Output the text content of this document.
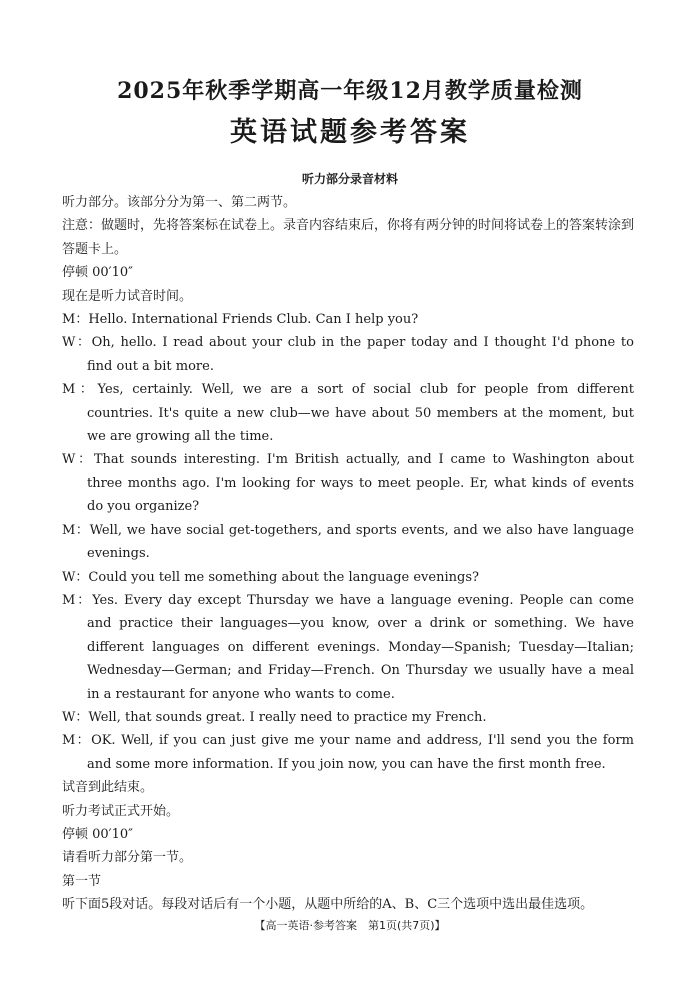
2025年秋季学期高一年级12月教学质量检测
英语试题参考答案
听力部分录音材料
听力部分。该部分分为第一、第二两节。
注意：做题时，先将答案标在试卷上。录音内容结束后，你将有两分钟的时间将试卷上的答案转涂到答题卡上。
停顿 00′10″
现在是听力试音时间。
M：Hello. International Friends Club. Can I help you?
W：Oh, hello. I read about your club in the paper today and I thought I'd phone to find out a bit more.
M：Yes, certainly. Well, we are a sort of social club for people from different countries. It's quite a new club—we have about 50 members at the moment, but we are growing all the time.
W：That sounds interesting. I'm British actually, and I came to Washington about three months ago. I'm looking for ways to meet people. Er, what kinds of events do you organize?
M：Well, we have social get-togethers, and sports events, and we also have language evenings.
W：Could you tell me something about the language evenings?
M：Yes. Every day except Thursday we have a language evening. People can come and practice their languages—you know, over a drink or something. We have different languages on different evenings. Monday—Spanish; Tuesday—Italian; Wednesday—German; and Friday—French. On Thursday we usually have a meal in a restaurant for anyone who wants to come.
W：Well, that sounds great. I really need to practice my French.
M：OK. Well, if you can just give me your name and address, I'll send you the form and some more information. If you join now, you can have the first month free.
试音到此结束。
听力考试正式开始。
停顿 00′10″
请看听力部分第一节。
第一节
听下面5段对话。每段对话后有一个小题，从题中所给的A、B、C三个选项中选出最佳选项。
【高一英语·参考答案　第1页(共7页)】
